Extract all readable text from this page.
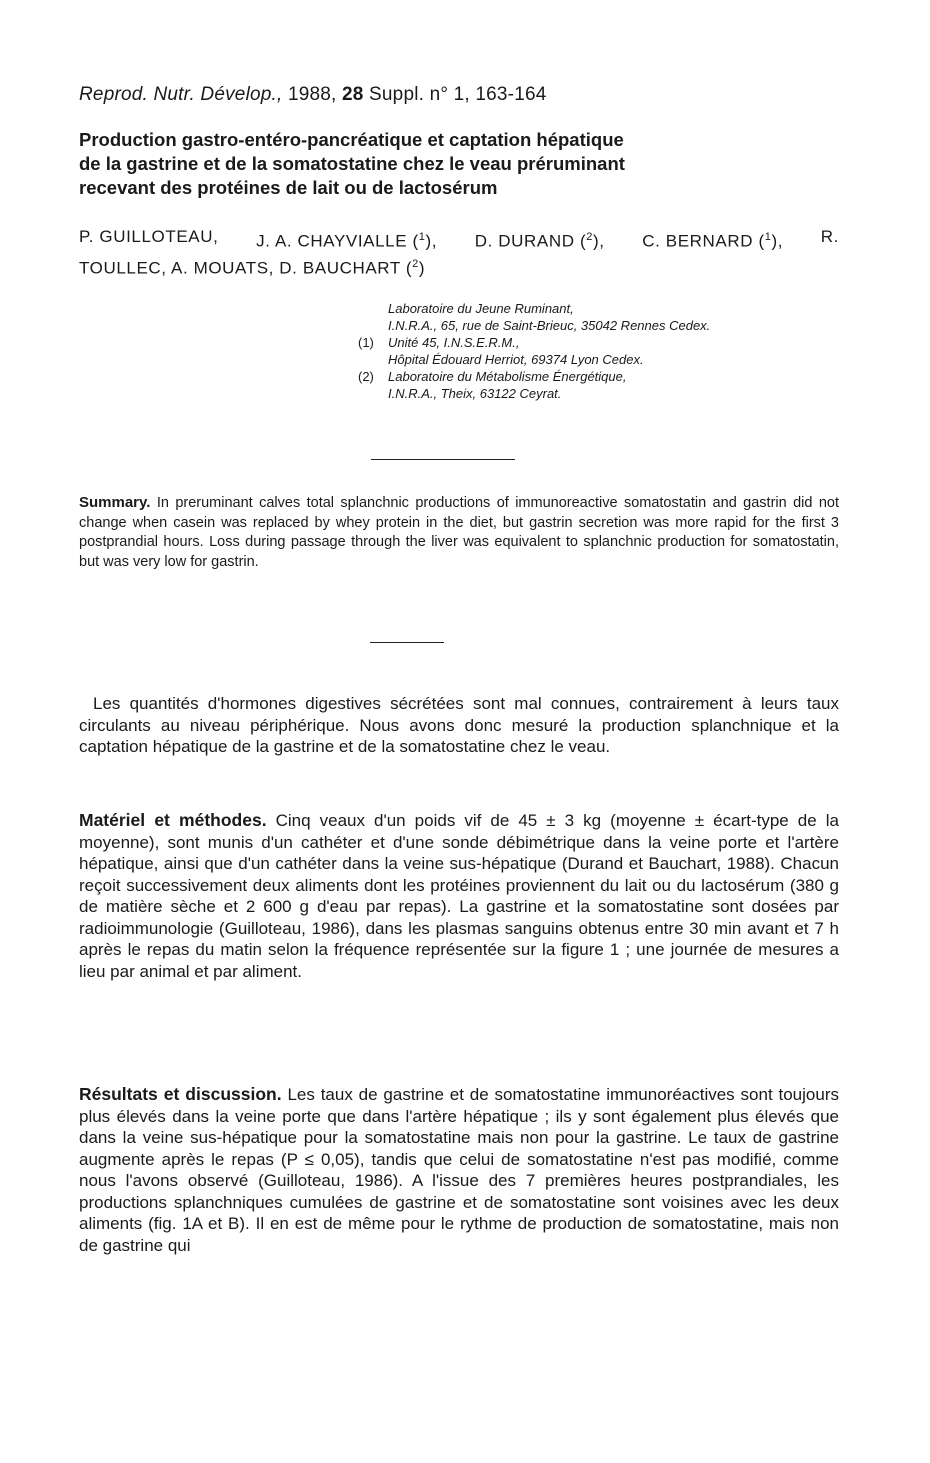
Reprod. Nutr. Dévelop., 1988, 28 Suppl. n° 1, 163-164
Production gastro-entéro-pancréatique et captation hépatique
de la gastrine et de la somatostatine chez le veau préruminant
recevant des protéines de lait ou de lactosérum
P. GUILLOTEAU, J. A. CHAYVIALLE ($^1$), D. DURAND ($^2$), C. BERNARD ($^1$), R.
TOULLEC, A. MOUATS, D. BAUCHART ($^2$)
Laboratoire du Jeune Ruminant,
I.N.R.A., 65, rue de Saint-Brieuc, 35042 Rennes Cedex.
(1)	Unité 45, I.N.S.E.R.M.,
Hôpital Édouard Herriot, 69374 Lyon Cedex.
(2)	Laboratoire du Métabolisme Énergétique,
I.N.R.A., Theix, 63122 Ceyrat.
Summary. In preruminant calves total splanchnic productions of immunoreactive somatostatin and gastrin did not change when casein was replaced by whey protein in the diet, but gastrin secretion was more rapid for the first 3 postprandial hours. Loss during passage through the liver was equivalent to splanchnic production for somatostatin, but was very low for gastrin.
Les quantités d'hormones digestives sécrétées sont mal connues, contrairement à leurs taux circulants au niveau périphérique. Nous avons donc mesuré la production splanchnique et la captation hépatique de la gastrine et de la somatostatine chez le veau.
Matériel et méthodes. Cinq veaux d'un poids vif de 45 ± 3 kg (moyenne ± écart-type de la moyenne), sont munis d'un cathéter et d'une sonde débimétrique dans la veine porte et l'artère hépatique, ainsi que d'un cathéter dans la veine sus-hépatique (Durand et Bauchart, 1988). Chacun reçoit successivement deux aliments dont les protéines proviennent du lait ou du lactosérum (380 g de matière sèche et 2 600 g d'eau par repas). La gastrine et la somatostatine sont dosées par radioimmunologie (Guilloteau, 1986), dans les plasmas sanguins obtenus entre 30 min avant et 7 h après le repas du matin selon la fréquence représentée sur la figure 1 ; une journée de mesures a lieu par animal et par aliment.
Résultats et discussion. Les taux de gastrine et de somatostatine immunoréactives sont toujours plus élevés dans la veine porte que dans l'artère hépatique ; ils y sont également plus élevés que dans la veine sus-hépatique pour la somatostatine mais non pour la gastrine. Le taux de gastrine augmente après le repas (P ≤ 0,05), tandis que celui de somatostatine n'est pas modifié, comme nous l'avons observé (Guilloteau, 1986). A l'issue des 7 premières heures postprandiales, les productions splanchniques cumulées de gastrine et de somatostatine sont voisines avec les deux aliments (fig. 1A et B). Il en est de même pour le rythme de production de somatostatine, mais non de gastrine qui
